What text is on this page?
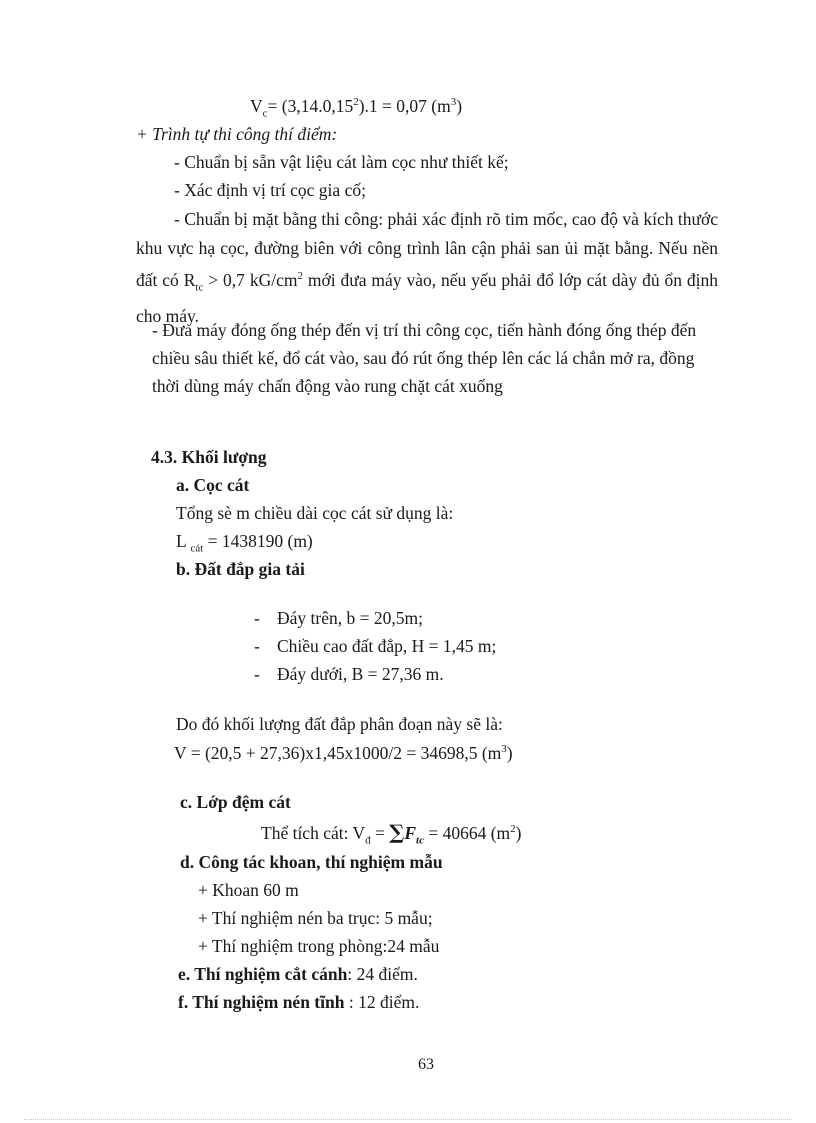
$V_c= (3,14.0,15^2).1 = 0,07$ $(m^3)$
+ Trình tự thi công thí điểm:
- Chuẩn bị sẵn vật liệu cát làm cọc như thiết kế;
- Xác định vị trí cọc gia cố;
- Chuẩn bị mặt bằng thi công: phải xác định rõ tim mốc, cao độ và kích thước khu vực hạ cọc, đường biên với công trình lân cận phải san ủi mặt bằng. Nếu nền đất có $R_{tc} > 0,7$ $kG/cm^2$ mới đưa máy vào, nếu yếu phải đổ lớp cát dày đủ ổn định cho máy.
- Đưa máy đóng ống thép đến vị trí thi công cọc, tiến hành đóng ống thép đến chiều sâu thiết kế, đổ cát vào, sau đó rút ống thép lên các lá chắn mở ra, đồng thời dùng máy chấn động vào rung chặt cát xuống
4.3. Khối lượng
a. Cọc cát
Tổng sè m chiều dài cọc cát sử dụng là:
L $_{cát}$ = 1438190 (m)
b. Đất đắp gia tải
- Đáy trên, b = 20,5m;
- Chiều cao đất đắp, H = 1,45 m;
- Đáy dưới, B = 27,36 m.
Do đó khối lượng đất đắp phân đoạn này sẽ là:
V = (20,5 + 27,36)x1,45x1000/2 = 34698,5 $(m^3)$
c. Lớp đệm cát
Thể tích cát: $V_đ = \sum F_{tc} = 40664$ $(m^2)$
d. Công tác khoan, thí nghiệm mẫu
+ Khoan 60 m
+ Thí nghiệm nén ba trục: 5 mẫu;
+ Thí nghiệm trong phòng:24 mẫu
e. Thí nghiệm cắt cánh: 24 điểm.
f. Thí nghiệm nén tĩnh : 12 điểm.
63
